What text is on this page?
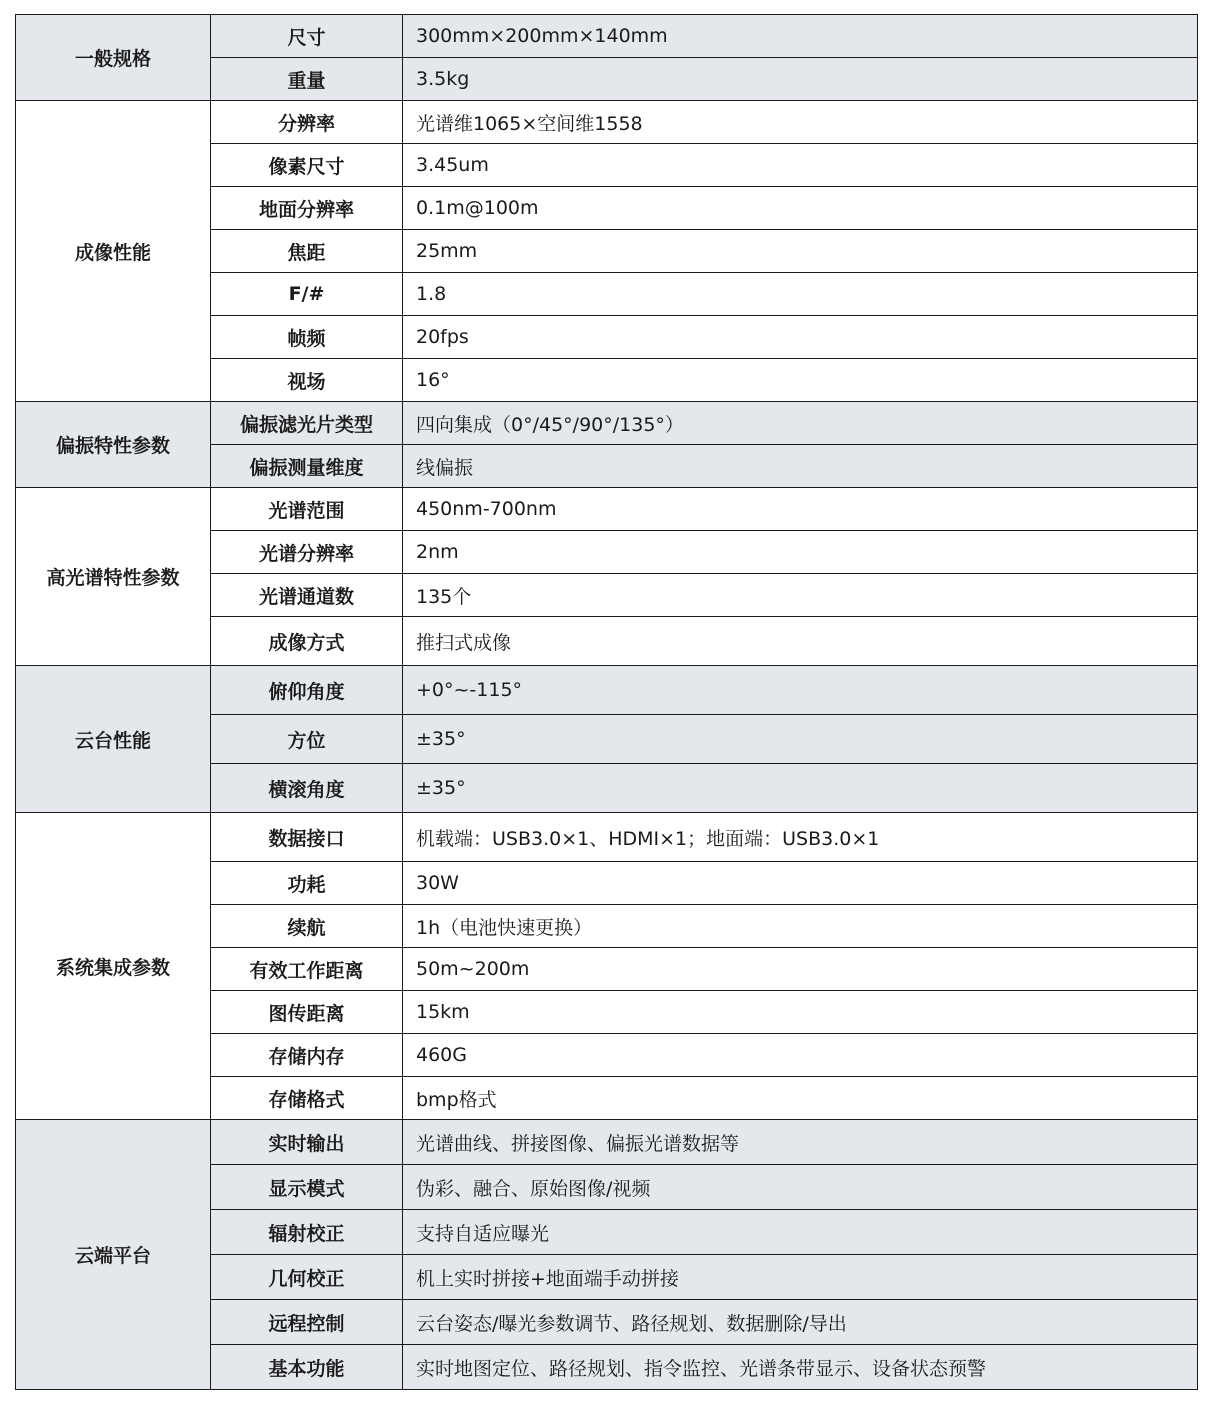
一般规格	尺寸	300mm×200mm×140mm
	重量	3.5kg
成像性能	分辨率	光谱维1065×空间维1558
	像素尺寸	3.45um
	地面分辨率	0.1m@100m
	焦距	25mm
	F/#	1.8
	帧频	20fps
	视场	16°
偏振特性参数	偏振滤光片类型	四向集成（0°/45°/90°/135°）
	偏振测量维度	线偏振
高光谱特性参数	光谱范围	450nm-700nm
	光谱分辨率	2nm
	光谱通道数	135个
	成像方式	推扫式成像
云台性能	俯仰角度	+0°~-115°
	方位	±35°
	横滚角度	±35°
系统集成参数	数据接口	机载端：USB3.0×1、HDMI×1；地面端：USB3.0×1
	功耗	30W
	续航	1h（电池快速更换）
	有效工作距离	50m~200m
	图传距离	15km
	存储内存	460G
	存储格式	bmp格式
云端平台	实时输出	光谱曲线、拼接图像、偏振光谱数据等
	显示模式	伪彩、融合、原始图像/视频
	辐射校正	支持自适应曝光
	几何校正	机上实时拼接+地面端手动拼接
	远程控制	云台姿态/曝光参数调节、路径规划、数据删除/导出
	基本功能	实时地图定位、路径规划、指令监控、光谱条带显示、设备状态预警
